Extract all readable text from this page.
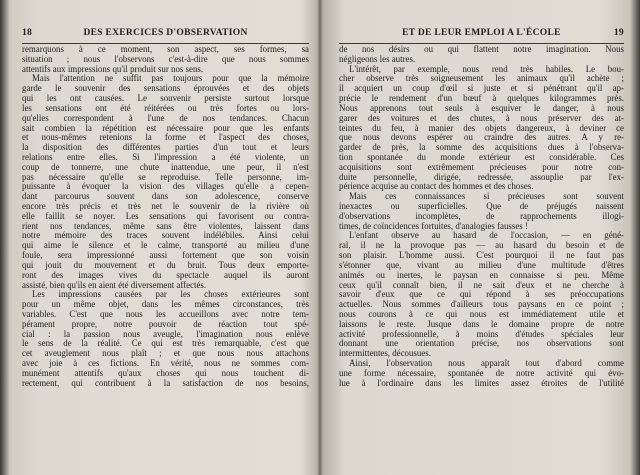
18	DES EXERCICES D'OBSERVATION
remarquons à ce moment, son aspect, ses formes, sa
situation ; nous l'observons c'est-à-dire que nous sommes
attentifs aux impressions qu'il produit sur nos sens.
Mais l'attention ne suffit pas toujours pour que la mémoire
garde le souvenir des sensations éprouvées et des objets
qui les ont causées. Le souvenir persiste surtout lorsque
les sensations ont été réitérées ou très fortes ou lors-
qu'elles correspondent à l'une de nos tendances. Chacun
sait combien la répétition est nécessaire pour que les enfants
et nous-mêmes retenions la forme et l'aspect des choses,
la disposition des différentes parties d'un tout et leurs
relations entre elles. Si l'impression a été violente, un
coup de tonnerre, une chute inattendue, une peur, il n'est
pas nécessaire qu'elle se reproduise. Telle personne, im-
puissante à évoquer la vision des villages qu'elle a cepen-
dant parcourus souvent dans son adolescence, conserve
encore très précis et très net le souvenir de la rivière où
elle faillit se noyer. Les sensations qui favorisent ou contra-
rient nos tendances, même sans être violentes, laissent dans
notre mémoire des traces souvent indélébiles. Ainsi celui
qui aime le silence et le calme, transporté au milieu d'une
foule, sera impressionné aussi fortement que son voisin
qui jouit du mouvement et du bruit. Tous deux emporte-
ront des images vives du spectacle auquel ils auront
assisté, bien qu'ils en aient été diversement affectés.
Les impressions causées par les choses extérieures sont
pour un même objet, dans les mêmes circonstances, très
variables. C'est que nous les accueillons avec notre tem-
pérament propre, notre pouvoir de réaction tout spé-
cial : la passion nous aveugle, l'imagination nous enlève
le sens de la réalité. Ce qui est très remarquable, c'est que
cet aveuglement nous plaît ; et que nous nous attachons
avec joie à ces fictions. En vérité, nous ne sommes com-
munément attentifs qu'aux choses qui nous touchent di-
rectement, qui contribuent à la satisfaction de nos besoins,
ET DE LEUR EMPLOI A L'ÉCOLE	19
de nos désirs ou qui flattent notre imagination. Nous
négligeons les autres.
L'intérêt, par exemple, nous rend très habiles. Le bou-
cher observe très soigneusement les animaux qu'il achète ;
il acquiert un coup d'œil si juste et si pénétrant qu'il ap-
précie le rendement d'un bœuf à quelques kilogrammes près.
Nous apprenons tout seuls à esquiver le danger, à nous
garer des voitures et des chutes, à nous préserver des at-
teintes du feu, à manier des objets dangereux, à deviner ce
que nous devons espérer ou craindre des autres. A y re-
garder de près, la somme des acquisitions dues à l'observa-
tion spontanée du monde extérieur est considérable. Ces
acquisitions sont extrêmement précieuses pour notre con-
duite personnelle, dirigée, redressée, assouplie par l'ex-
périence acquise au contact des hommes et des choses.
Mais ces connaissances si précieuses sont souvent
inexactes ou superficielles. Que de préjugés naissent
d'observations incomplètes, de rapprochements illogi-
times, de coïncidences fortuites, d'analogies fausses !
L'enfant observe au hasard de l'occasion, — en géné-
ral, il ne la provoque pas — au hasard du besoin et de
son plaisir. L'homme aussi. C'est pourquoi il ne faut pas
s'étonner que, vivant au milieu d'une multitude d'êtres
animés ou inertes, le paysan en connaisse si peu. Même
ceux qu'il connaît bien, il ne sait d'eux et ne cherche à
savoir d'eux que ce qui répond à ses préoccupations
actuelles. Nous sommes d'ailleurs tous paysans en ce point ;
nous courons à ce qui nous est immédiatement utile et
laissons le reste. Jusque dans le domaine propre de notre
activité professionnelle, à moins d'études spéciales leur
donnant une orientation précise, nos observations sont
intermittentes, décousues.
Ainsi, l'observation nous apparaît tout d'abord comme
une forme nécessaire, spontanée de notre activité qui évo-
lue à l'ordinaire dans les limites assez étroites de l'utilité
